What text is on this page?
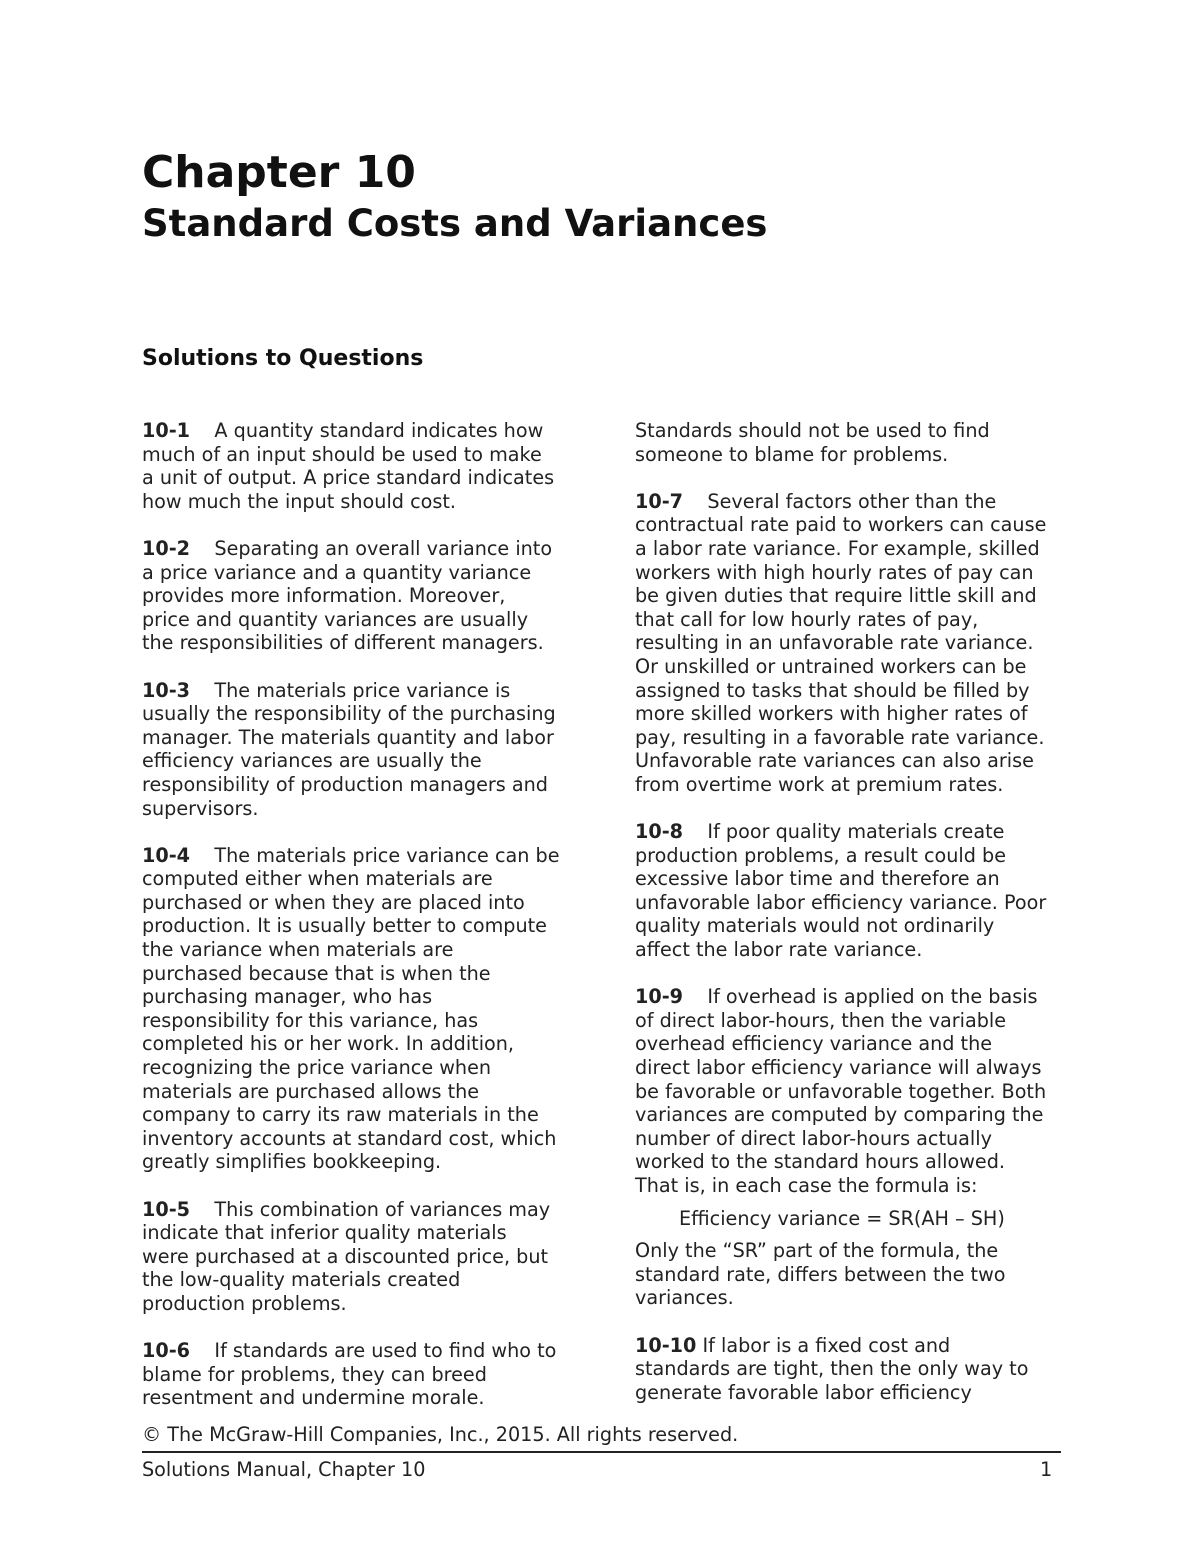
Chapter 10
Standard Costs and Variances
Solutions to Questions

10-1 A quantity standard indicates how
much of an input should be used to make
a unit of output. A price standard indicates
how much the input should cost.

10-2 Separating an overall variance into
a price variance and a quantity variance
provides more information. Moreover,
price and quantity variances are usually
the responsibilities of different managers.

10-3 The materials price variance is
usually the responsibility of the purchasing
manager. The materials quantity and labor
efficiency variances are usually the
responsibility of production managers and
supervisors.

10-4 The materials price variance can be
computed either when materials are
purchased or when they are placed into
production. It is usually better to compute
the variance when materials are
purchased because that is when the
purchasing manager, who has
responsibility for this variance, has
completed his or her work. In addition,
recognizing the price variance when
materials are purchased allows the
company to carry its raw materials in the
inventory accounts at standard cost, which
greatly simplifies bookkeeping.

10-5 This combination of variances may
indicate that inferior quality materials
were purchased at a discounted price, but
the low-quality materials created
production problems.

10-6 If standards are used to find who to
blame for problems, they can breed
resentment and undermine morale.

Standards should not be used to find
someone to blame for problems.

10-7 Several factors other than the
contractual rate paid to workers can cause
a labor rate variance. For example, skilled
workers with high hourly rates of pay can
be given duties that require little skill and
that call for low hourly rates of pay,
resulting in an unfavorable rate variance.
Or unskilled or untrained workers can be
assigned to tasks that should be filled by
more skilled workers with higher rates of
pay, resulting in a favorable rate variance.
Unfavorable rate variances can also arise
from overtime work at premium rates.

10-8 If poor quality materials create
production problems, a result could be
excessive labor time and therefore an
unfavorable labor efficiency variance. Poor
quality materials would not ordinarily
affect the labor rate variance.

10-9 If overhead is applied on the basis
of direct labor-hours, then the variable
overhead efficiency variance and the
direct labor efficiency variance will always
be favorable or unfavorable together. Both
variances are computed by comparing the
number of direct labor-hours actually
worked to the standard hours allowed.
That is, in each case the formula is:
Efficiency variance = SR(AH – SH)
Only the “SR” part of the formula, the
standard rate, differs between the two
variances.

10-10 If labor is a fixed cost and
standards are tight, then the only way to
generate favorable labor efficiency

© The McGraw-Hill Companies, Inc., 2015. All rights reserved.
Solutions Manual, Chapter 10	1
